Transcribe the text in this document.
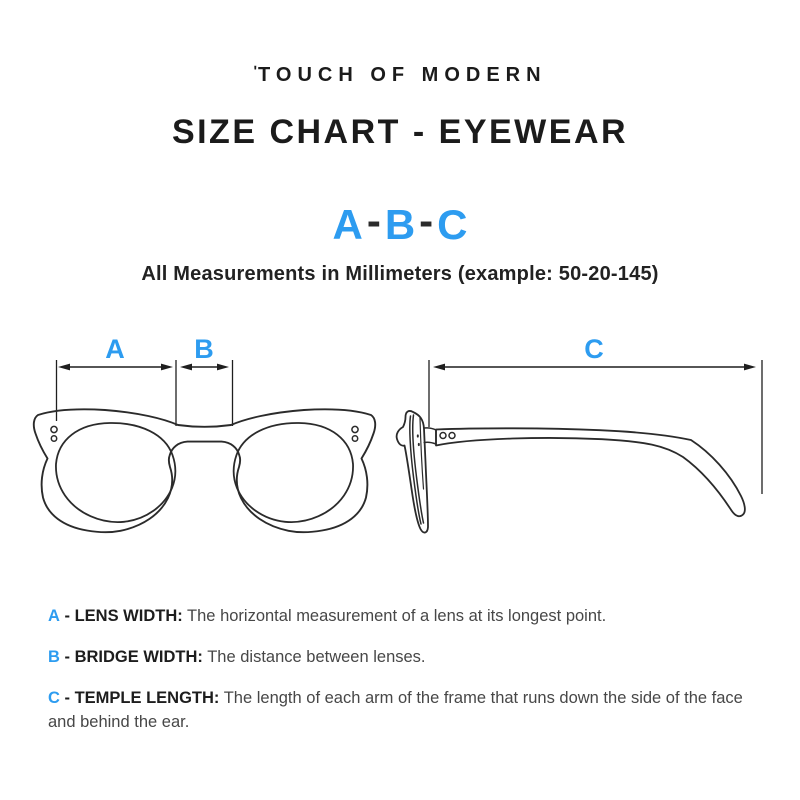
$^ʹ$TOUCH OF MODERN
SIZE CHART - EYEWEAR
A-B-C

All Measurements in Millimeters (example: 50-20-145)

A	B	C

A - LENS WIDTH: The horizontal measurement of a lens at its longest point.

B - BRIDGE WIDTH: The distance between lenses.

C - TEMPLE LENGTH: The length of each arm of the frame that runs down the side of the face and behind the ear.
